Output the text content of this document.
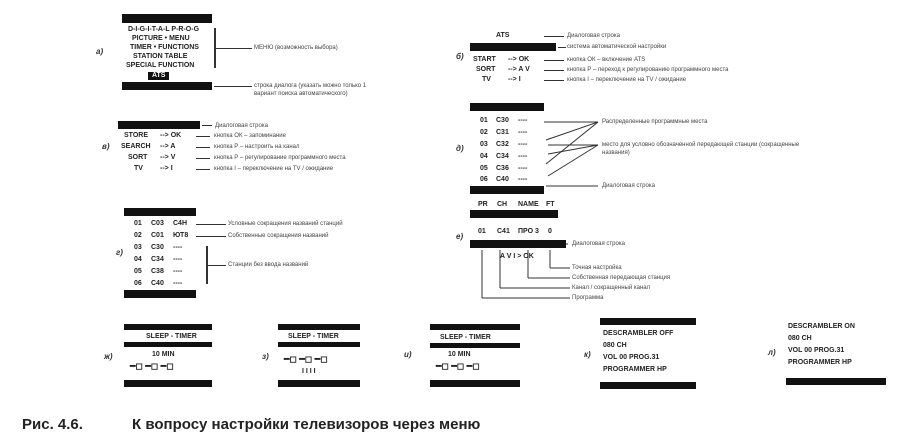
а)
D-I-G-I-T-A-L P-R-O-G
PICTURE • MENU
TIMER • FUNCTIONS
STATION TABLE
SPECIAL FUNCTION
ATS
МЕНЮ (возможность выбора)
строка диалога (указать можно только 1 вариант поиска автоматического)
б)
ATS
START --> OK
SORT --> A V
TV --> I
Диалоговая строка
система автоматической настройки
кнопка ОК – включение ATS
кнопка Р – переход к регулированию программного места
кнопка I – переключение на TV / ожидание
в)
Диалоговая строка
STORE --> OK
SEARCH --> A
SORT --> V
TV --> I
кнопка ОК – запоминание
кнопка Р – настроить на канал
кнопка Р – регулирование программного места
кнопка I – переключение на TV / ожидание
г)
01 C03 C4Н
02 C01 ЮТ8
03 C30 ----
04 C34 ----
05 C38 ----
06 C40 ----
Условные сокращения названий станций
Собственные сокращения названий
Станции без ввода названий
д)
01 C30 ----
02 C31 ----
03 C32 ----
04 C34 ----
05 C36 ----
06 C40 ----
Распределенные программные места
место для условно обозначенной передающей станции (сокращенные названия)
Диалоговая строка
е)
PR CH NAME FT
01 C41 ПРО 3 0
A V I > OK
Диалоговая строка
Точная настройка
Собственная передающая станция
Канал / сокращенный канал
Программа
ж)
SLEEP - TIMER
10 MIN
━◻ ━◻ ━◻
з)
SLEEP - TIMER
━◻ ━◻ ━◻
I I I I
и)
SLEEP - TIMER
10 MIN
━◻ ━◻ ━◻
к)
DESCRAMBLER OFF
080 CH
VOL 00 PROG.31
PROGRAMMER HP
л)
DESCRAMBLER ON
080 CH
VOL 00 PROG.31
PROGRAMMER HP
Рис. 4.6.	К вопросу настройки телевизоров через меню
